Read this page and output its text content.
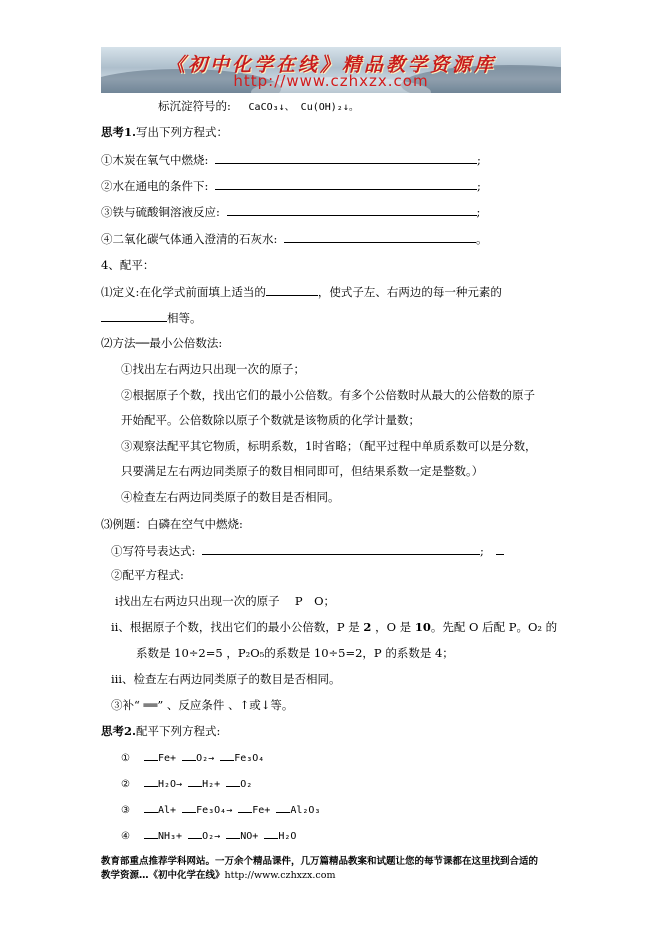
《初中化学在线》精品教学资源库
http://www.czhxzx.com
标沉淀符号的: CaCO₃↓、 Cu(OH)₂↓。
思考1.写出下列方程式：
①木炭在氧气中燃烧:	;
②水在通电的条件下:	;
③铁与硫酸铜溶液反应:	;
④二氧化碳气体通入澄清的石灰水:	。
4、配平：
⑴定义:在化学式前面填上适当的	，使式子左、右两边的每一种元素的
相等。
⑵方法──最小公倍数法:
①找出左右两边只出现一次的原子；
②根据原子个数，找出它们的最小公倍数。有多个公倍数时从最大的公倍数的原子
开始配平。公倍数除以原子个数就是该物质的化学计量数；
③观察法配平其它物质，标明系数，1时省略；（配平过程中单质系数可以是分数，
只要满足左右两边同类原子的数目相同即可，但结果系数一定是整数。）
④检查左右两边同类原子的数目是否相同。
⑶例题：白磷在空气中燃烧:
①写符号表达式:	;
②配平方程式:
ⅰ找出左右两边只出现一次的原子　 P　O；
ⅱ、根据原子个数，找出它们的最小公倍数，P 是 2 ，O 是 10。先配 O 后配 P。O₂ 的
系数是 10÷2=5 ，P₂O₅的系数是 10÷5=2，P 的系数是 4；
ⅲ、检查左右两边同类原子的数目是否相同。
③补“ ══” 、反应条件 、↑或↓等。
思考2.配平下列方程式:
①	Fe+ O₂→ Fe₃O₄
②	H₂O→ H₂+ O₂
③	Al+ Fe₃O₄→ Fe+ Al₂O₃
④	NH₃+ O₂→ NO+ H₂O
教育部重点推荐学科网站。一万余个精品课件，几万篇精品教案和试题让您的每节课都在这里找到合适的
教学资源…《初中化学在线》http://www.czhxzx.com
